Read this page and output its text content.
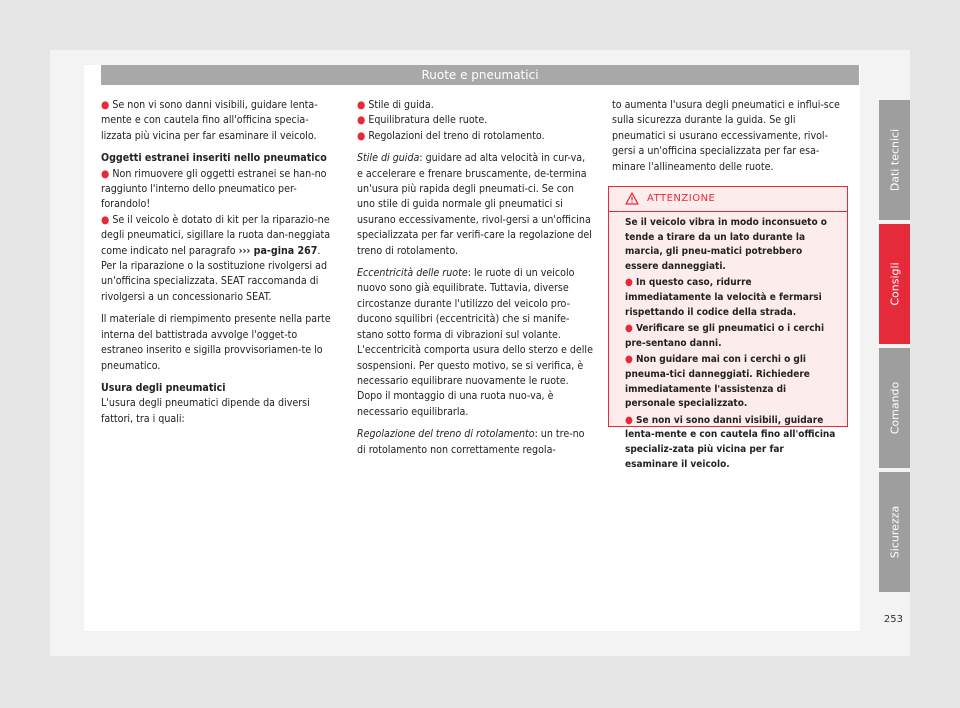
Ruote e pneumatici

● Se non vi sono danni visibili, guidare lenta-mente e con cautela fino all'officina specia-lizzata più vicina per far esaminare il veicolo.

Oggetti estranei inseriti nello pneumatico

● Non rimuovere gli oggetti estranei se han-no raggiunto l'interno dello pneumatico per-forandolo!

● Se il veicolo è dotato di kit per la riparazio-ne degli pneumatici, sigillare la ruota dan-neggiata come indicato nel paragrafo ››› pa-gina 267. Per la riparazione o la sostituzione rivolgersi ad un'officina specializzata. SEAT raccomanda di rivolgersi a un concessionario SEAT.

Il materiale di riempimento presente nella parte interna del battistrada avvolge l'ogget-to estraneo inserito e sigilla provvisoriamen-te lo pneumatico.

Usura degli pneumatici

L'usura degli pneumatici dipende da diversi fattori, tra i quali:

● Stile di guida.

● Equilibratura delle ruote.

● Regolazioni del treno di rotolamento.

Stile di guida: guidare ad alta velocità in cur-va, e accelerare e frenare bruscamente, de-termina un'usura più rapida degli pneumati-ci. Se con uno stile di guida normale gli pneumatici si usurano eccessivamente, rivol-gersi a un'officina specializzata per far verifi-care la regolazione del treno di rotolamento.

Eccentricità delle ruote: le ruote di un veicolo nuovo sono già equilibrate. Tuttavia, diverse circostanze durante l'utilizzo del veicolo pro-ducono squilibri (eccentricità) che si manife-stano sotto forma di vibrazioni sul volante. L'eccentricità comporta usura dello sterzo e delle sospensioni. Per questo motivo, se si verifica, è necessario equilibrare nuovamente le ruote. Dopo il montaggio di una ruota nuo-va, è necessario equilibrarla.

Regolazione del treno di rotolamento: un tre-no di rotolamento non correttamente regola-

to aumenta l'usura degli pneumatici e influi-sce sulla sicurezza durante la guida. Se gli pneumatici si usurano eccessivamente, rivol-gersi a un'officina specializzata per far esa-minare l'allineamento delle ruote.

ATTENZIONE

Se il veicolo vibra in modo inconsueto o tende a tirare da un lato durante la marcia, gli pneu-matici potrebbero essere danneggiati.

● In questo caso, ridurre immediatamente la velocità e fermarsi rispettando il codice della strada.

● Verificare se gli pneumatici o i cerchi pre-sentano danni.

● Non guidare mai con i cerchi o gli pneuma-tici danneggiati. Richiedere immediatamente l'assistenza di personale specializzato.

● Se non vi sono danni visibili, guidare lenta-mente e con cautela fino all'officina specializ-zata più vicina per far esaminare il veicolo.

Dati tecnici
Consigli
Comando
Sicurezza
253
